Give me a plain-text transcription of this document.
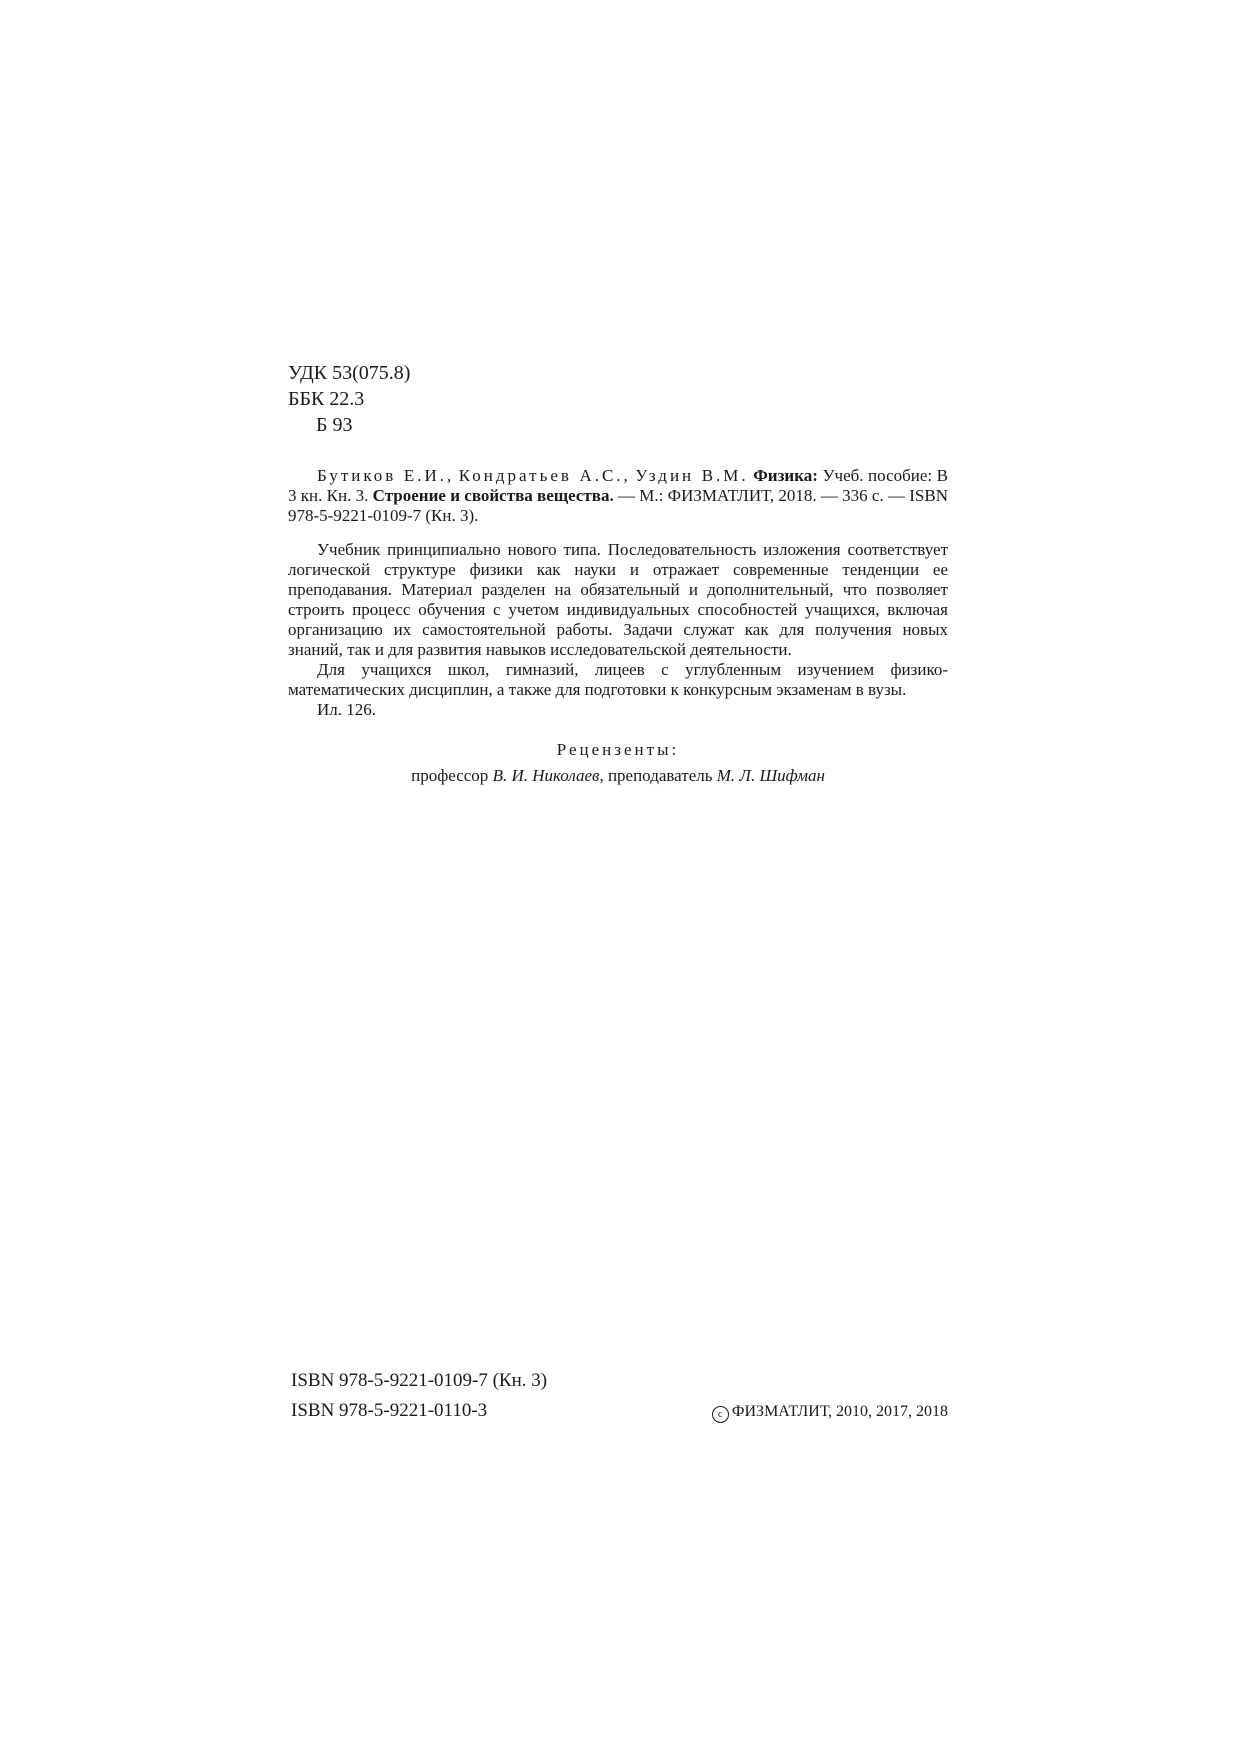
УДК 53(075.8)
ББК 22.3
Б 93

Бутиков Е.И., Кондратьев А.С., Уздин В.М. Физика: Учеб. пособие: В 3 кн. Кн. 3. Строение и свойства вещества. — М.: ФИЗМАТЛИТ, 2018. — 336 с. — ISBN 978-5-9221-0109-7 (Кн. 3).

Учебник принципиально нового типа. Последовательность изложения соответствует логической структуре физики как науки и отражает современные тенденции ее преподавания. Материал разделен на обязательный и дополнительный, что позволяет строить процесс обучения с учетом индивидуальных способностей учащихся, включая организацию их самостоятельной работы. Задачи служат как для получения новых знаний, так и для развития навыков исследовательской деятельности.

Для учащихся школ, гимназий, лицеев с углубленным изучением физико-математических дисциплин, а также для подготовки к конкурсным экзаменам в вузы.

Ил. 126.

Рецензенты:
профессор В. И. Николаев, преподаватель М. Л. Шифман
ISBN 978-5-9221-0109-7 (Кн. 3)
ISBN 978-5-9221-0110-3	c ФИЗМАТЛИТ, 2010, 2017, 2018
